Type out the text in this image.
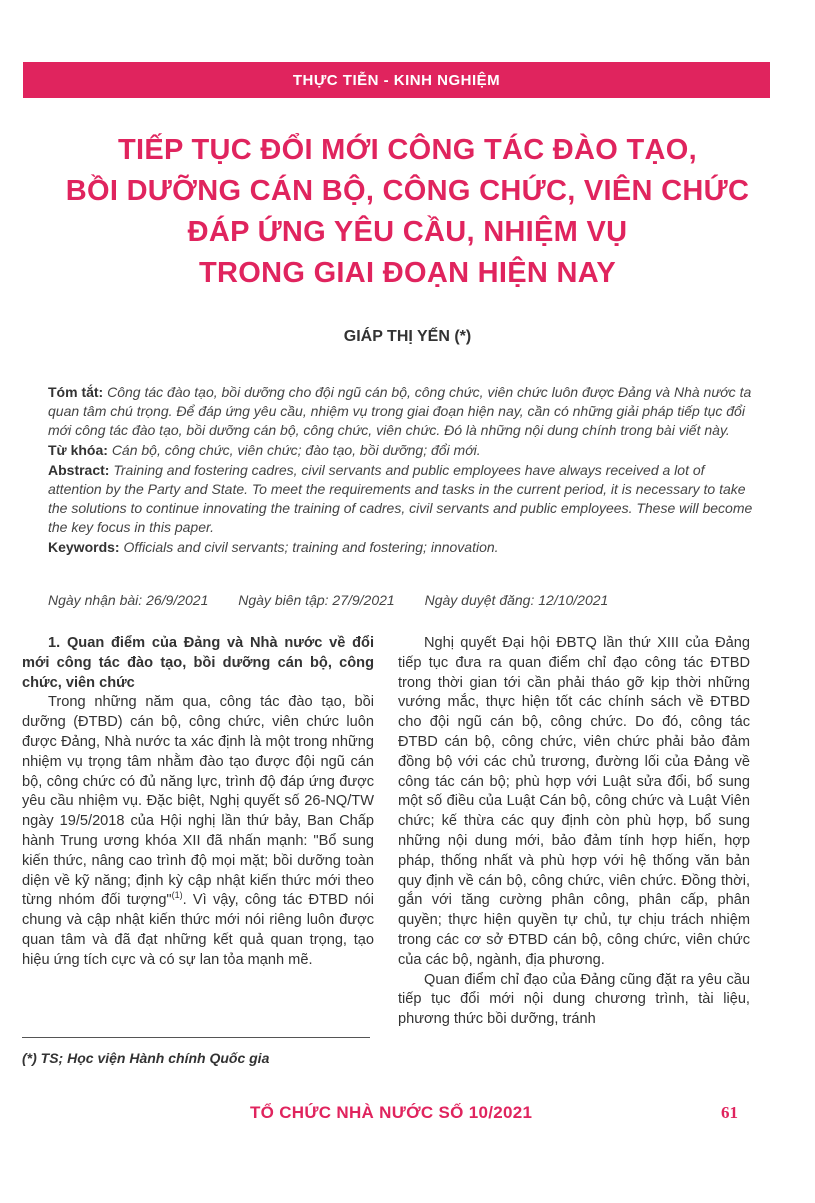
THỰC TIỄN - KINH NGHIỆM
TIẾP TỤC ĐỔI MỚI CÔNG TÁC ĐÀO TẠO,
BỒI DƯỠNG CÁN BỘ, CÔNG CHỨC, VIÊN CHỨC
ĐÁP ỨNG YÊU CẦU, NHIỆM VỤ
TRONG GIAI ĐOẠN HIỆN NAY
GIÁP THỊ YẾN (*)

Tóm tắt: Công tác đào tạo, bồi dưỡng cho đội ngũ cán bộ, công chức, viên chức luôn được Đảng và Nhà nước ta quan tâm chú trọng. Để đáp ứng yêu cầu, nhiệm vụ trong giai đoạn hiện nay, cần có những giải pháp tiếp tục đổi mới công tác đào tạo, bồi dưỡng cán bộ, công chức, viên chức. Đó là những nội dung chính trong bài viết này.

Từ khóa: Cán bộ, công chức, viên chức; đào tạo, bồi dưỡng; đổi mới.

Abstract: Training and fostering cadres, civil servants and public employees have always received a lot of attention by the Party and State. To meet the requirements and tasks in the current period, it is necessary to take the solutions to continue innovating the training of cadres, civil servants and public employees. These will become the key focus in this paper.

Keywords: Officials and civil servants; training and fostering; innovation.

Ngày nhận bài: 26/9/2021 Ngày biên tập: 27/9/2021 Ngày duyệt đăng: 12/10/2021
1. Quan điểm của Đảng và Nhà nước về đổi mới công tác đào tạo, bồi dưỡng cán bộ, công chức, viên chức

Trong những năm qua, công tác đào tạo, bồi dưỡng (ĐTBD) cán bộ, công chức, viên chức luôn được Đảng, Nhà nước ta xác định là một trong những nhiệm vụ trọng tâm nhằm đào tạo được đội ngũ cán bộ, công chức có đủ năng lực, trình độ đáp ứng được yêu cầu nhiệm vụ. Đặc biệt, Nghị quyết số 26-NQ/TW ngày 19/5/2018 của Hội nghị lần thứ bảy, Ban Chấp hành Trung ương khóa XII đã nhấn mạnh: "Bổ sung kiến thức, nâng cao trình độ mọi mặt; bồi dưỡng toàn diện về kỹ năng; định kỳ cập nhật kiến thức mới theo từng nhóm đối tượng"$^{(1)}$. Vì vậy, công tác ĐTBD nói chung và cập nhật kiến thức mới nói riêng luôn được quan tâm và đã đạt những kết quả quan trọng, tạo hiệu ứng tích cực và có sự lan tỏa mạnh mẽ.

(*) TS; Học viện Hành chính Quốc gia

Nghị quyết Đại hội ĐBTQ lần thứ XIII của Đảng tiếp tục đưa ra quan điểm chỉ đạo công tác ĐTBD trong thời gian tới cần phải tháo gỡ kịp thời những vướng mắc, thực hiện tốt các chính sách về ĐTBD cho đội ngũ cán bộ, công chức. Do đó, công tác ĐTBD cán bộ, công chức, viên chức phải bảo đảm đồng bộ với các chủ trương, đường lối của Đảng về công tác cán bộ; phù hợp với Luật sửa đổi, bổ sung một số điều của Luật Cán bộ, công chức và Luật Viên chức; kế thừa các quy định còn phù hợp, bổ sung những nội dung mới, bảo đảm tính hợp hiến, hợp pháp, thống nhất và phù hợp với hệ thống văn bản quy định về cán bộ, công chức, viên chức. Đồng thời, gắn với tăng cường phân công, phân cấp, phân quyền; thực hiện quyền tự chủ, tự chịu trách nhiệm trong các cơ sở ĐTBD cán bộ, công chức, viên chức của các bộ, ngành, địa phương.

Quan điểm chỉ đạo của Đảng cũng đặt ra yêu cầu tiếp tục đổi mới nội dung chương trình, tài liệu, phương thức bồi dưỡng, tránh

TỔ CHỨC NHÀ NƯỚC SỐ 10/2021	61
